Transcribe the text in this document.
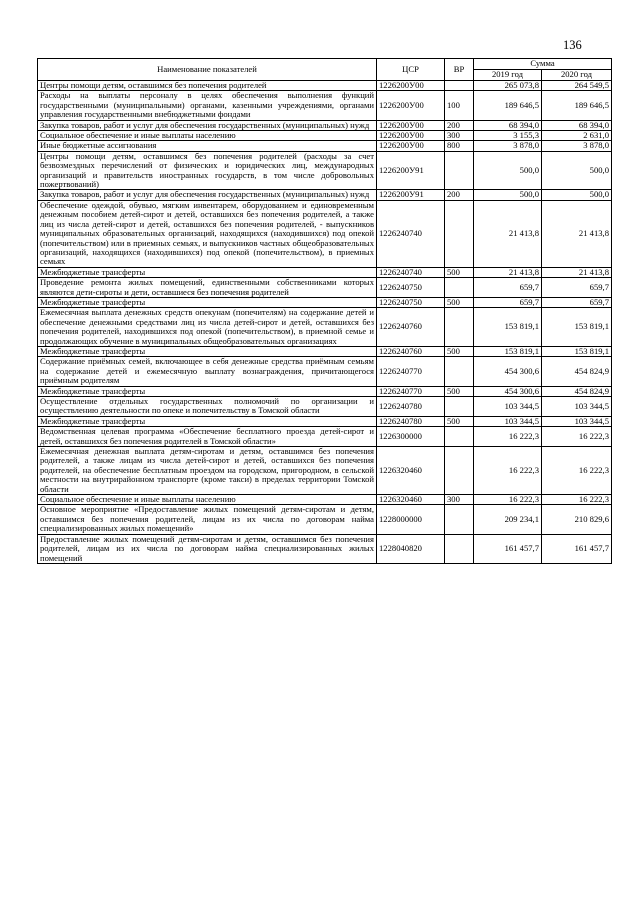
136
Наименование показателей	ЦСР	ВР	Сумма	
			2019 год	2020 год
Центры помощи детям, оставшимся без попечения родителей	1226200У00		265 073,8	264 549,5
Расходы на выплаты персоналу в целях обеспечения выполнения функций государственными (муниципальными) органами, казенными учреждениями, органами управления государственными внебюджетными фондами	1226200У00	100	189 646,5	189 646,5
Закупка товаров, работ и услуг для обеспечения государственных (муниципальных) нужд	1226200У00	200	68 394,0	68 394,0
Социальное обеспечение и иные выплаты населению	1226200У00	300	3 155,3	2 631,0
Иные бюджетные ассигнования	1226200У00	800	3 878,0	3 878,0
Центры помощи детям, оставшимся без попечения родителей (расходы за счет безвозмездных перечислений от физических и юридических лиц, международных организаций и правительств иностранных государств, в том числе добровольных пожертвований)	1226200У91		500,0	500,0
Закупка товаров, работ и услуг для обеспечения государственных (муниципальных) нужд	1226200У91	200	500,0	500,0
Обеспечение одеждой, обувью, мягким инвентарем, оборудованием и единовременным денежным пособием детей-сирот и детей, оставшихся без попечения родителей, а также лиц из числа детей-сирот и детей, оставшихся без попечения родителей, - выпускников муниципальных образовательных организаций, находящихся (находившихся) под опекой (попечительством) или в приемных семьях, и выпускников частных общеобразовательных организаций, находящихся (находившихся) под опекой (попечительством), в приемных семьях	1226240740		21 413,8	21 413,8
Межбюджетные трансферты	1226240740	500	21 413,8	21 413,8
Проведение ремонта жилых помещений, единственными собственниками которых являются дети-сироты и дети, оставшиеся без попечения родителей	1226240750		659,7	659,7
Межбюджетные трансферты	1226240750	500	659,7	659,7
Ежемесячная выплата денежных средств опекунам (попечителям) на содержание детей и обеспечение денежными средствами лиц из числа детей-сирот и детей, оставшихся без попечения родителей, находившихся под опекой (попечительством), в приемной семье и продолжающих обучение в муниципальных общеобразовательных организациях	1226240760		153 819,1	153 819,1
Межбюджетные трансферты	1226240760	500	153 819,1	153 819,1
Содержание приёмных семей, включающее в себя денежные средства приёмным семьям на содержание детей и ежемесячную выплату вознаграждения, причитающегося приёмным родителям	1226240770		454 300,6	454 824,9
Межбюджетные трансферты	1226240770	500	454 300,6	454 824,9
Осуществление отдельных государственных полномочий по организации и осуществлению деятельности по опеке и попечительству в Томской области	1226240780		103 344,5	103 344,5
Межбюджетные трансферты	1226240780	500	103 344,5	103 344,5
Ведомственная целевая программа «Обеспечение бесплатного проезда детей-сирот и детей, оставшихся без попечения родителей в Томской области»	1226300000		16 222,3	16 222,3
Ежемесячная денежная выплата детям-сиротам и детям, оставшимся без попечения родителей, а также лицам из числа детей-сирот и детей, оставшихся без попечения родителей, на обеспечение бесплатным проездом на городском, пригородном, в сельской местности на внутрирайонном транспорте (кроме такси) в пределах территории Томской области	1226320460		16 222,3	16 222,3
Социальное обеспечение и иные выплаты населению	1226320460	300	16 222,3	16 222,3
Основное мероприятие «Предоставление жилых помещений детям-сиротам и детям, оставшимся без попечения родителей, лицам из их числа по договорам найма специализированных жилых помещений»	1228000000		209 234,1	210 829,6
Предоставление жилых помещений детям-сиротам и детям, оставшимся без попечения родителей, лицам из их числа по договорам найма специализированных жилых помещений	1228040820		161 457,7	161 457,7
